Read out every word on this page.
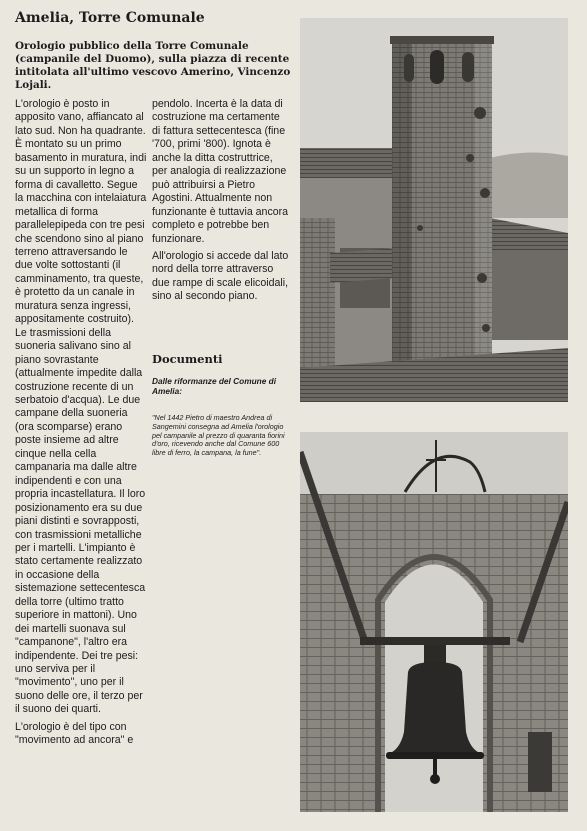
Amelia, Torre Comunale

Orologio pubblico della Torre Comunale (campanile del Duomo), sulla piazza di recente intitolata all'ultimo vescovo Amerino, Vincenzo Lojali.

L'orologio è posto in apposito vano, affiancato al lato sud. Non ha quadrante. È montato su un primo basamento in muratura, indi su un supporto in legno a forma di cavalletto. Segue la macchina con intelaiatura metallica di forma parallelepipeda con tre pesi che scendono sino al piano terreno attraversando le due volte sottostanti (il camminamento, tra queste, è protetto da un canale in muratura senza ingressi, appositamente costruito). Le trasmissioni della suoneria salivano sino al piano sovrastante (attualmente impedite dalla costruzione recente di un serbatoio d'acqua). Le due campane della suoneria (ora scomparse) erano poste insieme ad altre cinque nella cella campanaria ma dalle altre indipendenti e con una propria incastellatura. Il loro posizionamento era su due piani distinti e sovrapposti, con trasmissioni metalliche per i martelli. L'impianto è stato certamente realizzato in occasione della sistemazione settecentesca della torre (ultimo tratto superiore in mattoni). Uno dei martelli suonava sul "campanone", l'altro era indipendente. Dei tre pesi: uno serviva per il "movimento", uno per il suono delle ore, il terzo per il suono dei quarti.

L'orologio è del tipo con "movimento ad ancora" e

pendolo. Incerta è la data di costruzione ma certamente di fattura settecentesca (fine '700, primi '800). Ignota è anche la ditta costruttrice, per analogia di realizzazione può attribuirsi a Pietro Agostini. Attualmente non funzionante è tuttavia ancora completo e potrebbe ben funzionare.

All'orologio si accede dal lato nord della torre attraverso due rampe di scale elicoidali, sino al secondo piano.

Documenti

Dalle riformanze del Comune di Amelia:

"Nel 1442 Pietro di maestro Andrea di Sangemini consegna ad Amelia l'orologio pel campanile al prezzo di quaranta fiorini d'oro, ricevendo anche dal Comune 600 libre di ferro, la campana, la fune".
